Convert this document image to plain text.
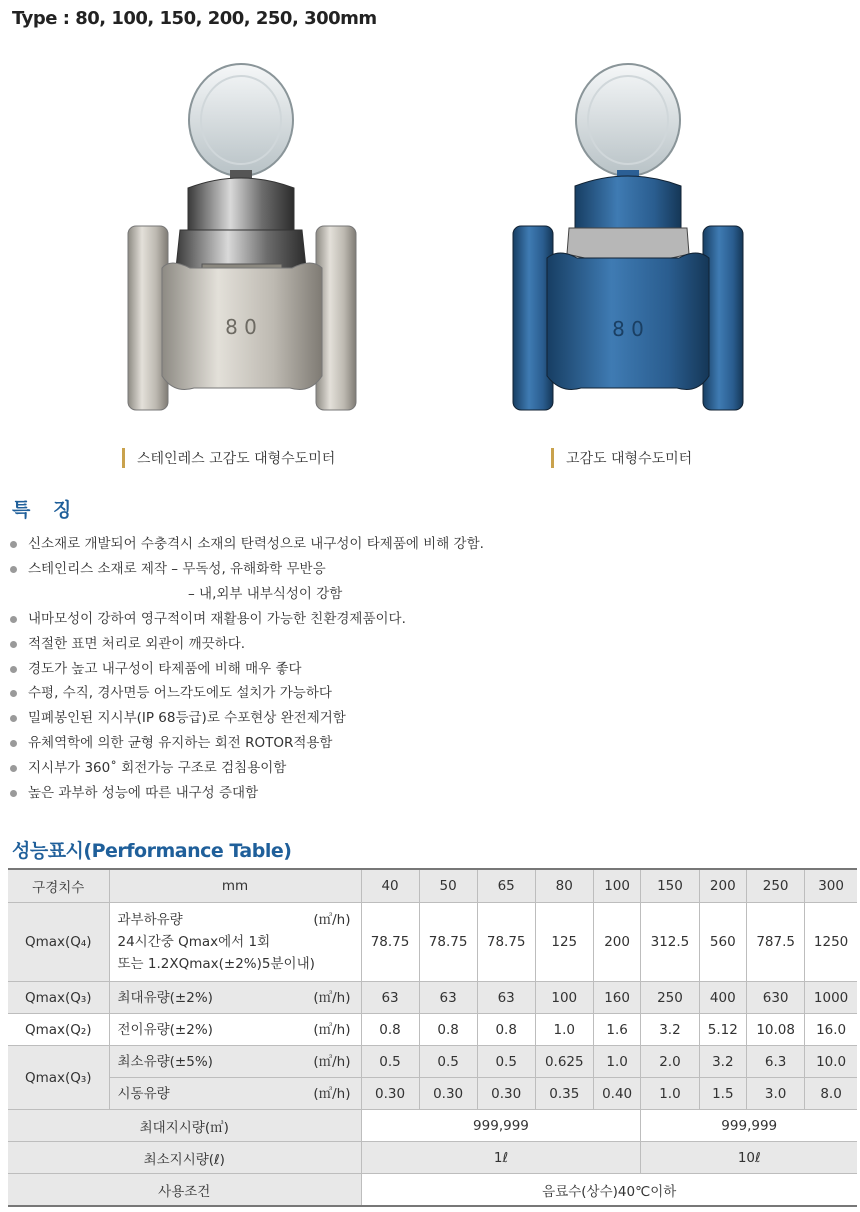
Type : 80, 100, 150, 200, 250, 300mm
8 0	8 0
스테인레스 고감도 대형수도미터	고감도 대형수도미터
특 징
신소재로 개발되어 수충격시 소재의 탄력성으로 내구성이 타제품에 비해 강함.
스테인리스 소재로 제작 – 무독성, 유해화학 무반응
– 내,외부 내부식성이 강함
내마모성이 강하여 영구적이며 재활용이 가능한 친환경제품이다.
적절한 표면 처리로 외관이 깨끗하다.
경도가 높고 내구성이 타제품에 비해 매우 좋다
수평, 수직, 경사면등 어느각도에도 설치가 가능하다
밀폐봉인된 지시부(IP 68등급)로 수포현상 완전제거함
유체역학에 의한 균형 유지하는 회전 ROTOR적용함
지시부가 360˚ 회전가능 구조로 검침용이함
높은 과부하 성능에 따른 내구성 증대함
성능표시(Performance Table)
구경치수	mm	40	50	65	80	100	150	200	250	300
Qmax(Q₄)	과부하유량 (㎥/h)
24시간중 Qmax에서 1회
또는 1.2XQmax(±2%)5분이내)	78.75	78.75	78.75	125	200	312.5	560	787.5	1250
Qmax(Q₃)	최대유량(±2%) (㎥/h)	63	63	63	100	160	250	400	630	1000
Qmax(Q₂)	전이유량(±2%) (㎥/h)	0.8	0.8	0.8	1.0	1.6	3.2	5.12	10.08	16.0
Qmax(Q₃)	최소유량(±5%) (㎥/h)	0.5	0.5	0.5	0.625	1.0	2.0	3.2	6.3	10.0

	시동유량 (㎥/h)	0.30	0.30	0.30	0.35	0.40	1.0	1.5	3.0	8.0
최대지시량(㎥)		999,999					999,999			
최소지시량(ℓ)		1ℓ					10ℓ			
사용조건		음료수(상수)40℃이하								
